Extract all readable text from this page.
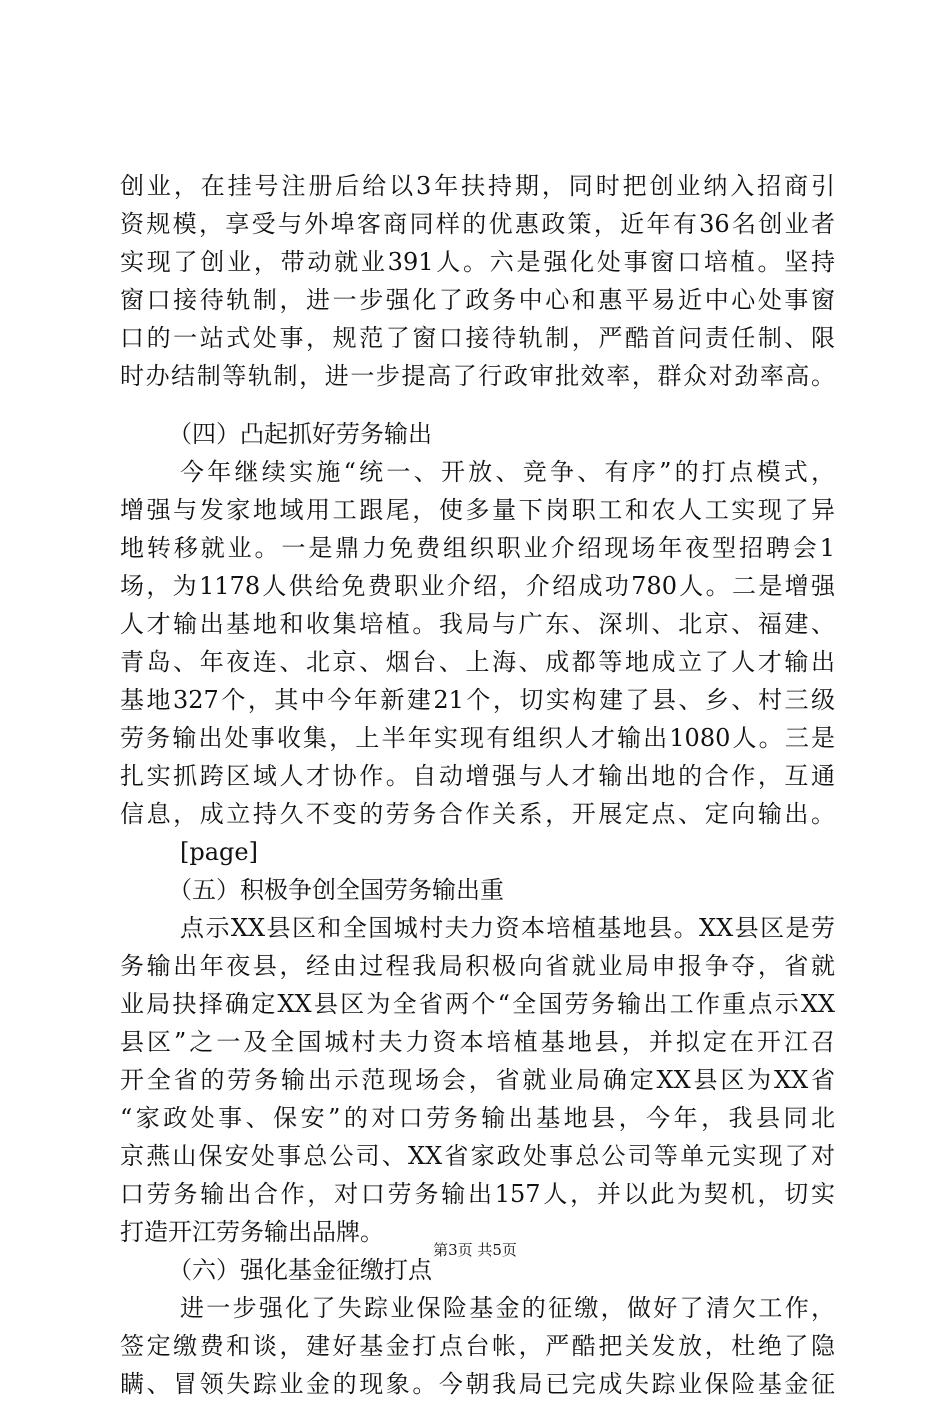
创业，在挂号注册后给以3年扶持期，同时把创业纳入招商引
资规模，享受与外埠客商同样的优惠政策，近年有36名创业者
实现了创业，带动就业391人。六是强化处事窗口培植。坚持
窗口接待轨制，进一步强化了政务中心和惠平易近中心处事窗
口的一站式处事，规范了窗口接待轨制，严酷首问责任制、限
时办结制等轨制，进一步提高了行政审批效率，群众对劲率高。
（四）凸起抓好劳务输出
今年继续实施“统一、开放、竞争、有序”的打点模式，
增强与发家地域用工跟尾，使多量下岗职工和农人工实现了异
地转移就业。一是鼎力免费组织职业介绍现场年夜型招聘会1
场，为1178人供给免费职业介绍，介绍成功780人。二是增强
人才输出基地和收集培植。我局与广东、深圳、北京、福建、
青岛、年夜连、北京、烟台、上海、成都等地成立了人才输出
基地327个，其中今年新建21个，切实构建了县、乡、村三级
劳务输出处事收集，上半年实现有组织人才输出1080人。三是
扎实抓跨区域人才协作。自动增强与人才输出地的合作，互通
信息，成立持久不变的劳务合作关系，开展定点、定向输出。
[page]
（五）积极争创全国劳务输出重
点示XX县区和全国城村夫力资本培植基地县。XX县区是劳
务输出年夜县，经由过程我局积极向省就业局申报争夺，省就
业局抉择确定XX县区为全省两个“全国劳务输出工作重点示XX
县区”之一及全国城村夫力资本培植基地县，并拟定在开江召
开全省的劳务输出示范现场会，省就业局确定XX县区为XX省
“家政处事、保安”的对口劳务输出基地县，今年，我县同北
京燕山保安处事总公司、XX省家政处事总公司等单元实现了对
口劳务输出合作，对口劳务输出157人，并以此为契机，切实
打造开江劳务输出品牌。
（六）强化基金征缴打点
进一步强化了失踪业保险基金的征缴，做好了清欠工作，
签定缴费和谈，建好基金打点台帐，严酷把关发放，杜绝了隐
瞒、冒领失踪业金的现象。今朝我局已完成失踪业保险基金征
第3页 共5页
